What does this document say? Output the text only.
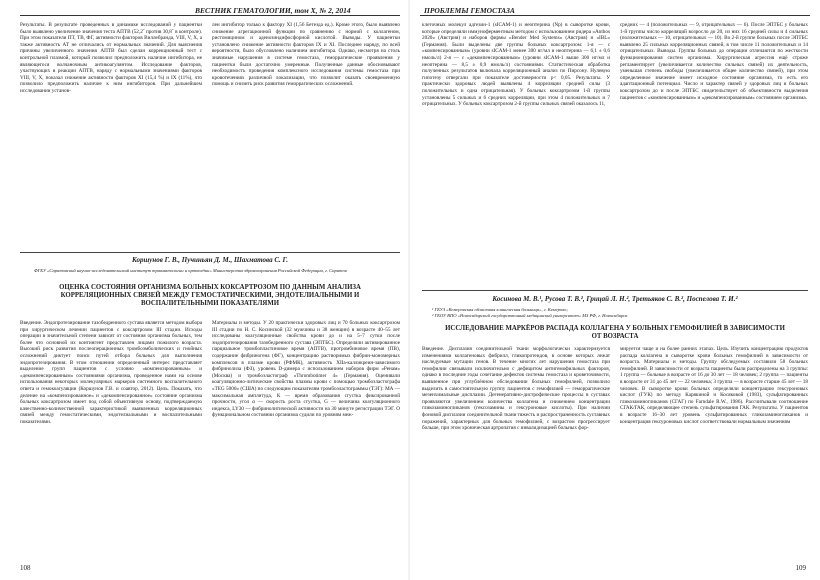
ВЕСТНИК ГЕМАТОЛОГИИ, том X, № 2, 2014
Результаты. В результате проведенных в динамике исследований у пациентки было выявлено увеличение значения теста АПТВ (52,2˝ против 30,8˝ в контроле). При этом показатели ПТ, ТВ, ФГ, активности факторов Виллебранда, VIII, V, X, а также активность АТ не отличались от нормальных значений. Для выяснения причины увеличенного значения АПТВ был сделан коррекционный тест с контрольной плазмой, который позволил предположить наличие ингибитора, не являющегося волчаночным антикоагулянтом. Исследование факторов, участвующих в реакции АПТВ, наряду с нормальными значениями факторов VIII, V, X, показал снижение активности факторов XI (15,4 %) и IX (11%), что позволило предположить наличие к ним ингибиторов. При дальнейшем исследовании установ-
лен ингибитор только к фактору XI (1,56 Бетезда ед.). Кроме этого, было выявлено снижение агрегационной функции по сравнению с нормой с коллагеном, ристомицином и аденозиндифосфорной кислотой. Выводы. У пациентки установлено снижение активности факторов IX и XI. Последнее наряду, по всей вероятности, было обусловлено наличием ингибитора. Однако, несмотря на столь значимые нарушения в системе гемостаза, геморрагические проявления у пациентки были достаточно умеренные. Полученные данные обосновывают необходимость проведения комплексного исследования системы гемостаза при кровотечениях различной локализации, что позволит оказать своевременную помощь и снизить риск развития геморрагических осложнений.
Коршунов Г. В., Пучиньян Д. М., Шахматова С. Г.
ФГБУ «Саратовский научно-исследовательский институт травматологии и ортопедии» Министерства здравоохранения Российской Федерации, г. Саратов
ОЦЕНКА СОСТОЯНИЯ ОРГАНИЗМА БОЛЬНЫХ КОКСАРТРОЗОМ ПО ДАННЫМ АНАЛИЗА КОРРЕЛЯЦИОННЫХ СВЯЗЕЙ МЕЖДУ ГЕМОСТАТИЧЕСКИМИ, ЭНДОТЕЛИАЛЬНЫМИ И ВОСПАЛИТЕЛЬНЫМИ ПОКАЗАТЕЛЯМИ
Введение. Эндопротезирование тазобедренного сустава является методом выбора при хирургическом лечении пациентов с коксартрозом III стадии. Исходы операции в значительной степени зависят от состояния организма больных, тем более что основной их контингент представлен лицами пожилого возраста. Высокий риск развития послеоперационных тромбоэмболических и гнойных осложнений диктует поиск путей отбора больных для выполнения эндопротезирования. В этом отношении определенный интерес представляет выделение групп пациентов с условно «компенсированным» и «декомпенсированным» состояниями организма, проведенное нами на основе использования некоторых молекулярных маркеров системного воспалительного ответа и гемокоагуляции (Коршунов Г.В. и соавтор, 2012). Цель. Показать, что деление на «компенсированное» и «декомпенсированное» состояние организма больных коксартрозом имеет под собой объективную основу, подтверждаемую качественно-количественной характеристикой выявленных корреляционных связей между гемостатическими, эндотелиальными и воспалительными показателями.
Материалы и методы. У 20 практически здоровых лиц и 70 больных коксартрозом III стадии по Н. С. Косинской (32 мужчины и 38 женщин) в возрасте 40–55 лет исследованы коагуляционные свойства крови до и на 5–7 сутки после эндопротезирования тазобедренного сустава (ЭПТБС). Определяли активированное парциальное тромбопластиновое время (АПТВ), протромбиновое время (ПВ), содержание фибриногена (ФГ), концентрацию растворимых фибрин-мономерных комплексов в плазме крови (РФМК), активность XIIа-калликреин-зависимого фибринолиза (ФЗ), уровень D-димера с использованием наборов фирм «Ренам» (Москва) и тромбоэластограф «Thrombotimer 4» (Германия). Оценивали коагуляционно-литические свойства плазмы крови с помощью тромбоэластографа «TEG 5000» (США) по следующим показателям тромбоэластограммы (ТЭГ): МА — максимальная амплитуда, К — время образования сгустка фиксированной прочности, угол α — скорость роста сгустка, G — величина коагуляционного индекса, LY30 — фибринолитической активности на 30 минуте регистрации ТЭГ. О функциональном состоянии организма судили по уровням меж-
108
ПРОБЛЕМЫ ГЕМОСТАЗА
клеточных молекул адгезии-1 (sICAM-1) и неоптерина (Np) в сыворотке крови, которые определяли иммуноферментным методом с использованием ридера «Anthos 2020» (Австрия) и наборов фирмы «Bender Med Systems» (Австрия) и «IBL» (Германия). Были выделены две группы больных коксартрозом: 1-я — с «компенсированным» (уровни sICAM-1 менее 300 нг/мл и неоптерина — 6,1 ± 0,6 нмоль/л) 2-я — с «декомпенсированным» (уровни sICAM-1 выше 300 нг/мл и неоптерина — 8,5 ± 0,9 нмоль/л) состояниями. Статистическая обработка полученных результатов включала корреляционный анализ по Пирсону. Нулевую гипотезу отвергали при показателе достоверности р< 0,05. Результаты. У практически здоровых людей выявлены 4 корреляции средней силы (3 положительных и одна отрицательная). У больных коксартрозом 1-й группы установлены 5 сильных и 6 средних корреляции, при этом 4 положительных и 7 отрицательных. У больных коксартрозом 2-й группы сильных связей оказалось 11,
средних — 4 (положительных — 9, отрицательных — 6). После ЭПТБС у больных 1-й группы число корреляций возросло до 20, из них 16 средней силы и 4 сильных (положительных — 10, отрицательных — 10). Во 2-й группе больных после ЭПТБС выявлено 25 сильных корреляционных связей, в том числе 11 положительных и 14 отрицательных. Выводы. Группы больных до операции отличаются по жесткости функционирования систем организма. Хирургическая агрессия ещё строже регламентирует (увеличивается количество сильных связей) их деятельность, уменьшая степень свободы (увеличивается общее количество связей), при этом определенное значение имеет исходное состояние организма, то есть его адаптационный потенциал. Число и характер связей у здоровых лиц и больных коксартрозом до и после ЭПТБС свидетельствует об объективности выделения пациентов с «компенсированным» и «декомпенсированным» состоянием организма.
Косинова М. В.¹, Русова Т. В.², Грицай Л. Н.², Третьяков С. В.², Поспелова Т. И.²
¹ ГБУЗ «Кемеровская областная клиническая больница», г. Кемерово;
² ГБОУ ВПО «Новосибирский государственный медицинский университет» МЗ РФ, г. Новосибирск
ИССЛЕДОВАНИЕ МАРКЁРОВ РАСПАДА КОЛЛАГЕНА У БОЛЬНЫХ ГЕМОФИЛИЕЙ В ЗАВИСИМОСТИ ОТ ВОЗРАСТА
Введение. Дисплазия соединительной ткани морфологически характеризуется изменениями коллагеновых фибрилл, гликопротеидов, в основе которых лежат наследуемые мутации генов. В течение многих лет нарушения гемостаза при гемофилии связывали исключительно с дефицитом антигемофильных факторов, однако в последние годы сочетание дефектов системы гемостаза и кроветочивости, выявленное при углублённом обследовании больных гемофилией, позволило выделить в самостоятельную группу пациентов с гемофилией — геморрагические мезенхимальные дисплазии. Дегенеративно-дистрофические процессы в суставах проявляются увеличением количества коллагена и снижением концентрации гликозаминогликанов (гексозамины и гексуроновые кислоты). При наличии фоновой дисплазии соединительной ткани тяжесть и распространенность суставных поражений, характерных для больных гемофилией, с возрастом прогрессирует больше, при этом хроническая артропатия с инвалидизацией больных фор-
мируется чаще и на более ранних этапах. Цель. Изучить концентрацию продуктов распада коллагена в сыворотке крови больных гемофилией в зависимости от возраста. Материалы и методы. Группу обследуемых составили 58 больных гемофилией. В зависимости от возраста пациенты были распределены на 3 группы: 1 группа — больные в возрасте от 16 до 30 лет — 18 человек; 2 группа — пациенты в возрасте от 31 до 45 лет — 22 человека; 3 группа — в возрасте старше 45 лет — 18 человек. В сыворотке крови больных определяли концентрацию гексуроновых кислот (ГУК) по методу Карякиной и Косяковой (1983), сульфатированных гликозаминогликанов (СГАГ) по Farndale R.W., 1986). Рассчитывали соотношение СГАК/ГАК, определяющее степень сульфатирования ГАК. Результаты. У пациентов в возрасте 16–30 лет уровень сульфатированных гликозаминогликанов и концентрация гексуроновых кислот соответствовали нормальным значениям
109
